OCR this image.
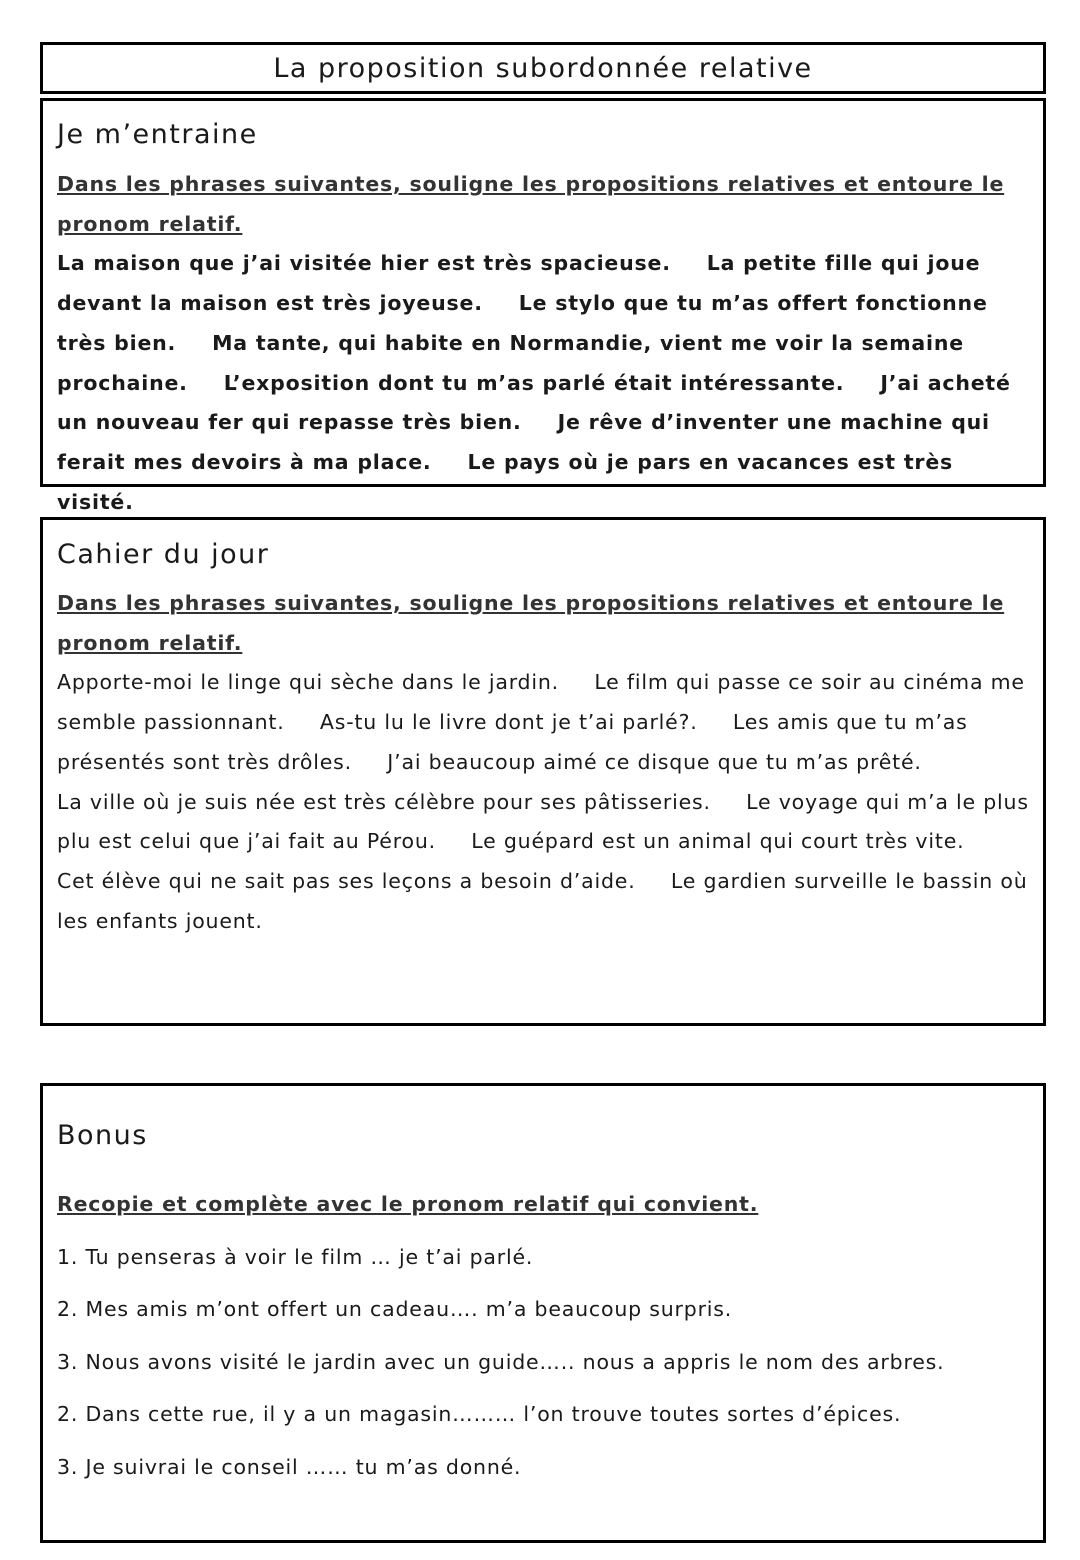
La proposition subordonnée relative
Je m’entraine
Dans les phrases suivantes, souligne les propositions relatives et entoure le pronom relatif.
La maison que j’ai visitée hier est très spacieuse. La petite fille qui joue devant la maison est très joyeuse. Le stylo que tu m’as offert fonctionne très bien. Ma tante, qui habite en Normandie, vient me voir la semaine prochaine. L’exposition dont tu m’as parlé était intéressante. J’ai acheté un nouveau fer qui repasse très bien. Je rêve d’inventer une machine qui ferait mes devoirs à ma place. Le pays où je pars en vacances est très visité.
Cahier du jour
Dans les phrases suivantes, souligne les propositions relatives et entoure le pronom relatif.
Apporte-moi le linge qui sèche dans le jardin. Le film qui passe ce soir au cinéma me semble passionnant. As-tu lu le livre dont je t’ai parlé?. Les amis que tu m’as présentés sont très drôles. J’ai beaucoup aimé ce disque que tu m’as prêté.
La ville où je suis née est très célèbre pour ses pâtisseries. Le voyage qui m’a le plus plu est celui que j’ai fait au Pérou. Le guépard est un animal qui court très vite.
Cet élève qui ne sait pas ses leçons a besoin d’aide. Le gardien surveille le bassin où les enfants jouent.
Bonus
Recopie et complète avec le pronom relatif qui convient.
1. Tu penseras à voir le film … je t’ai parlé.
2. Mes amis m’ont offert un cadeau…. m’a beaucoup surpris.
3. Nous avons visité le jardin avec un guide….. nous a appris le nom des arbres.
2. Dans cette rue, il y a un magasin……… l’on trouve toutes sortes d’épices.
3. Je suivrai le conseil …… tu m’as donné.
